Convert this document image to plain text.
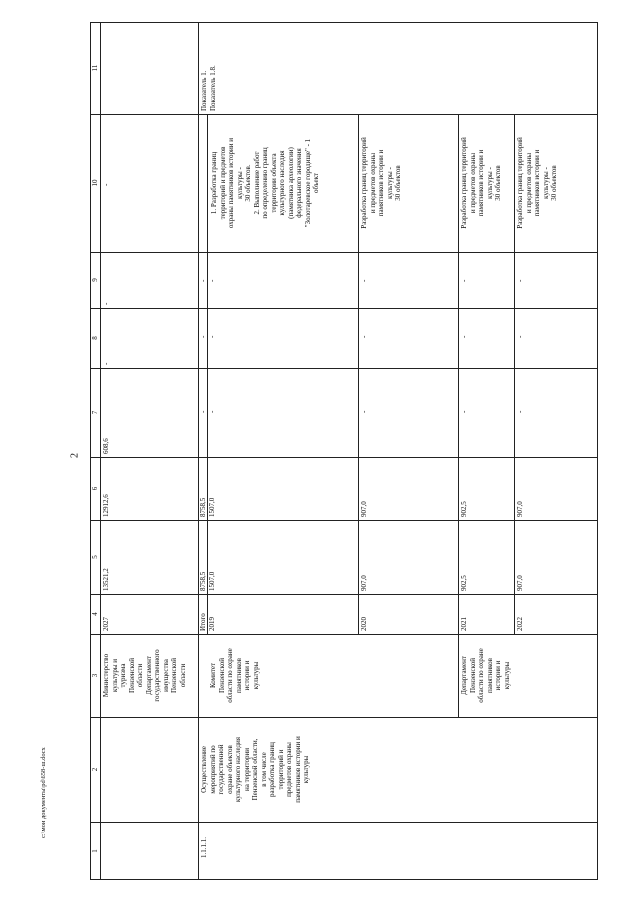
2
c:\мои документы\pd\658-ш.docx
1
2
3
4
5
6
7
8
9
10
11
Министерство культуры и туризма Пензенской области Департамент государственного имущества Пензенской области
2027
13521,2
12912,6
608,6
-
-
-
1.1.1.1.
Осуществление мероприятий по государственной охране объектов культурного наследия на территории Пензенской области, в том числе разработка границ территорий и предметов охраны памятников истории и культуры
Показатель 1. Показатель 1.8.
Итого
8758,5
8758,5
Комитет Пензенской области по охране памятников истории и культуры
2019
1507,0
1507,0
-
-
-
1. Разработка границ территорий и предметов охраны памятников истории и культуры - 30 объектов. 2. Выполнение работ по определению границ территории объекта культурного наследия (памятника археологии) федерального значения "Золотаревское городище" - 1 объект
-
-
-
2020
907,0
907,0
-
-
-
Разработка границ территорий и предметов охраны памятников истории и культуры - 30 объектов
Департамент Пензенской области по охране памятников истории и культуры
2021
902,5
902,5
-
-
-
Разработка границ территорий и предметов охраны памятников истории и культуры - 30 объектов
2022
907,0
907,0
-
-
-
Разработка границ территорий и предметов охраны памятников истории и культуры - 30 объектов
